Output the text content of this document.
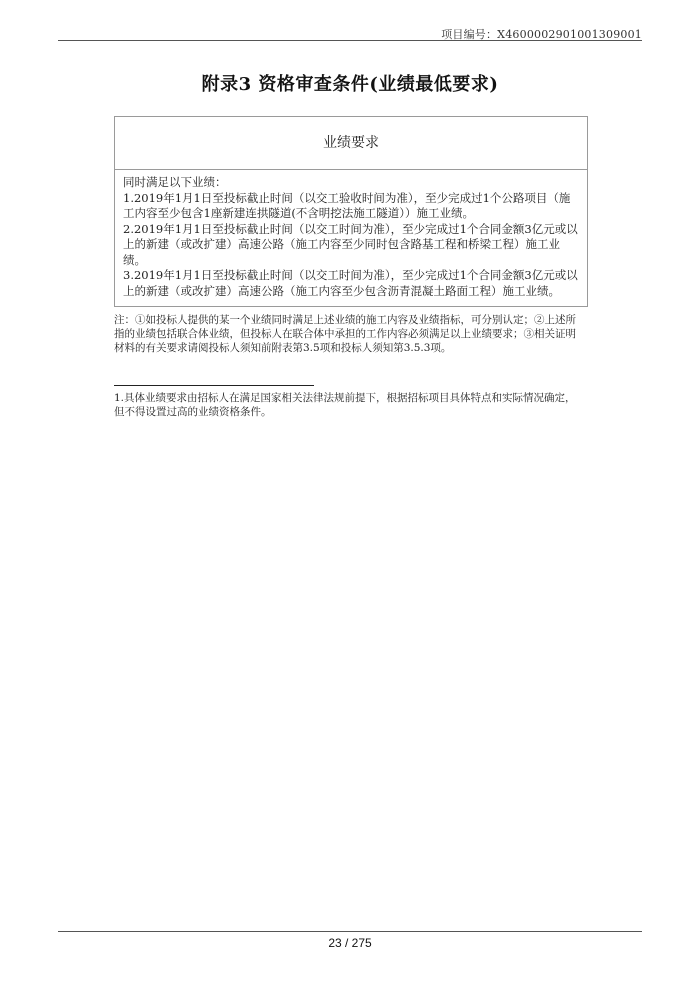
项目编号：X4600002901001309001
附录3 资格审查条件(业绩最低要求)
业绩要求
同时满足以下业绩：
1.2019年1月1日至投标截止时间（以交工验收时间为准），至少完成过1个公路项目（施工内容至少包含1座新建连拱隧道(不含明挖法施工隧道））施工业绩。
2.2019年1月1日至投标截止时间（以交工时间为准），至少完成过1个合同金额3亿元或以上的新建（或改扩建）高速公路（施工内容至少同时包含路基工程和桥梁工程）施工业绩。
3.2019年1月1日至投标截止时间（以交工时间为准），至少完成过1个合同金额3亿元或以上的新建（或改扩建）高速公路（施工内容至少包含沥青混凝土路面工程）施工业绩。
注：①如投标人提供的某一个业绩同时满足上述业绩的施工内容及业绩指标，可分别认定；②上述所指的业绩包括联合体业绩，但投标人在联合体中承担的工作内容必须满足以上业绩要求；③相关证明材料的有关要求请阅投标人须知前附表第3.5项和投标人须知第3.5.3项。
1.具体业绩要求由招标人在满足国家相关法律法规前提下，根据招标项目具体特点和实际情况确定，但不得设置过高的业绩资格条件。
23 / 275
